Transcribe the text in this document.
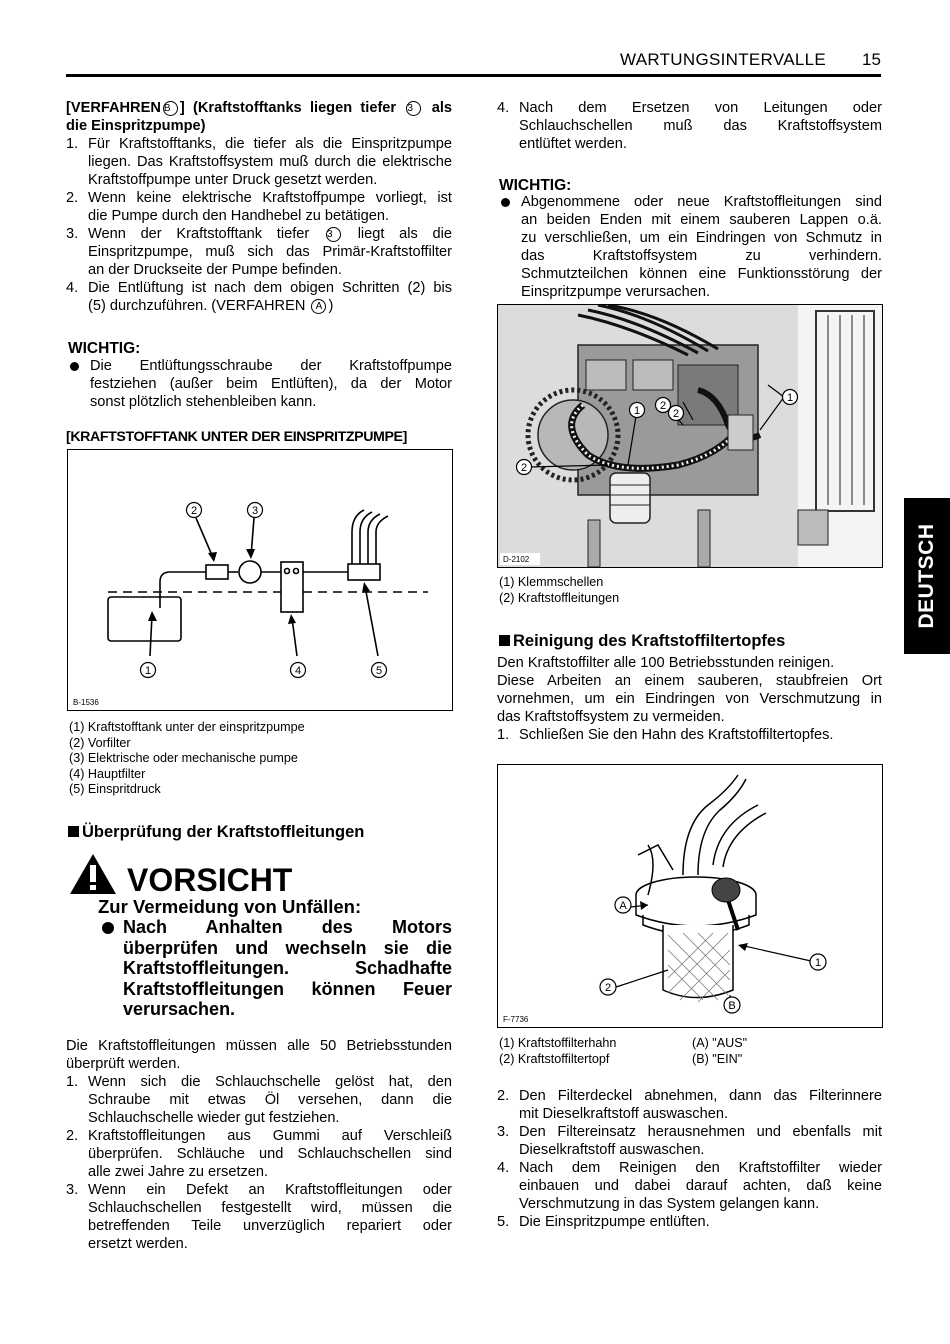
WARTUNGSINTERVALLE 15
DEUTSCH
[VERFAHREN B ] (Kraftstofftanks liegen tiefer 3 als
die Einspritzpumpe)
1. Für Kraftstofftanks, die tiefer als die Einspritzpumpe
liegen. Das Kraftstoffsystem muß durch die elektrische
Kraftstoffpumpe unter Druck gesetzt werden.
2. Wenn keine elektrische Kraftstoffpumpe vorliegt, ist
die Pumpe durch den Handhebel zu betätigen.
3. Wenn der Kraftstofftank tiefer 3 liegt als die
Einspritzpumpe, muß sich das Primär-Kraftstoffilter
an der Druckseite der Pumpe befinden.
4. Die Entlüftung ist nach dem obigen Schritten (2) bis
(5) durchzuführen. (VERFAHREN A )
WICHTIG:
Die Entlüftungsschraube der Kraftstoffpumpe
festziehen (außer beim Entlüften), da der Motor
sonst plötzlich stehenbleiben kann.
[KRAFTSTOFFTANK UNTER DER EINSPRITZPUMPE]
2	3
1	4	5
B-1536
(1) Kraftstofftank unter der einspritzpumpe
(2) Vorfilter
(3) Elektrische oder mechanische pumpe
(4) Hauptfilter
(5) Einspritdruck
Überprüfung der Kraftstoffleitungen
VORSICHT
Zur Vermeidung von Unfällen:
Nach Anhalten des Motors
überprüfen und wechseln sie die
Kraftstoffleitungen. Schadhafte
Kraftstoffleitungen können Feuer
verursachen.
Die Kraftstoffleitungen müssen alle 50 Betriebsstunden
überprüft werden.
1. Wenn sich die Schlauchschelle gelöst hat, den
Schraube mit etwas Öl versehen, dann die
Schlauchschelle wieder gut festziehen.
2. Kraftstoffleitungen aus Gummi auf Verschleiß
überprüfen. Schläuche und Schlauchschellen sind
alle zwei Jahre zu ersetzen.
3. Wenn ein Defekt an Kraftstoffleitungen oder
Schlauchschellen festgestellt wird, müssen die
betreffenden Teile unverzüglich repariert oder
ersetzt werden.
4. Nach dem Ersetzen von Leitungen oder
Schlauchschellen muß das Kraftstoffsystem
entlüftet werden.
WICHTIG:
Abgenommene oder neue Kraftstoffleitungen sind
an beiden Enden mit einem sauberen Lappen o.ä.
zu verschließen, um ein Eindringen von Schmutz in
das Kraftstoffsystem zu verhindern.
Schmutzteilchen können eine Funktionsstörung der
Einspritzpumpe verursachen.
1
2
2
1 2
D-2102
(1) Klemmschellen
(2) Kraftstoffleitungen
Reinigung des Kraftstoffiltertopfes
Den Kraftstoffilter alle 100 Betriebsstunden reinigen.
Diese Arbeiten an einem sauberen, staubfreien Ort
vornehmen, um ein Eindringen von Verschmutzung in
das Kraftstoffsystem zu vermeiden.
1. Schließen Sie den Hahn des Kraftstoffiltertopfes.
A
1
2
B
F-7736
(1) Kraftstoffilterhahn
(2) Kraftstoffiltertopf
(A) "AUS"
(B) "EIN"
2. Den Filterdeckel abnehmen, dann das Filterinnere
mit Dieselkraftstoff auswaschen.
3. Den Filtereinsatz herausnehmen und ebenfalls mit
Dieselkraftstoff auswaschen.
4. Nach dem Reinigen den Kraftstoffilter wieder
einbauen und dabei darauf achten, daß keine
Verschmutzung in das System gelangen kann.
5. Die Einspritzpumpe entlüften.
